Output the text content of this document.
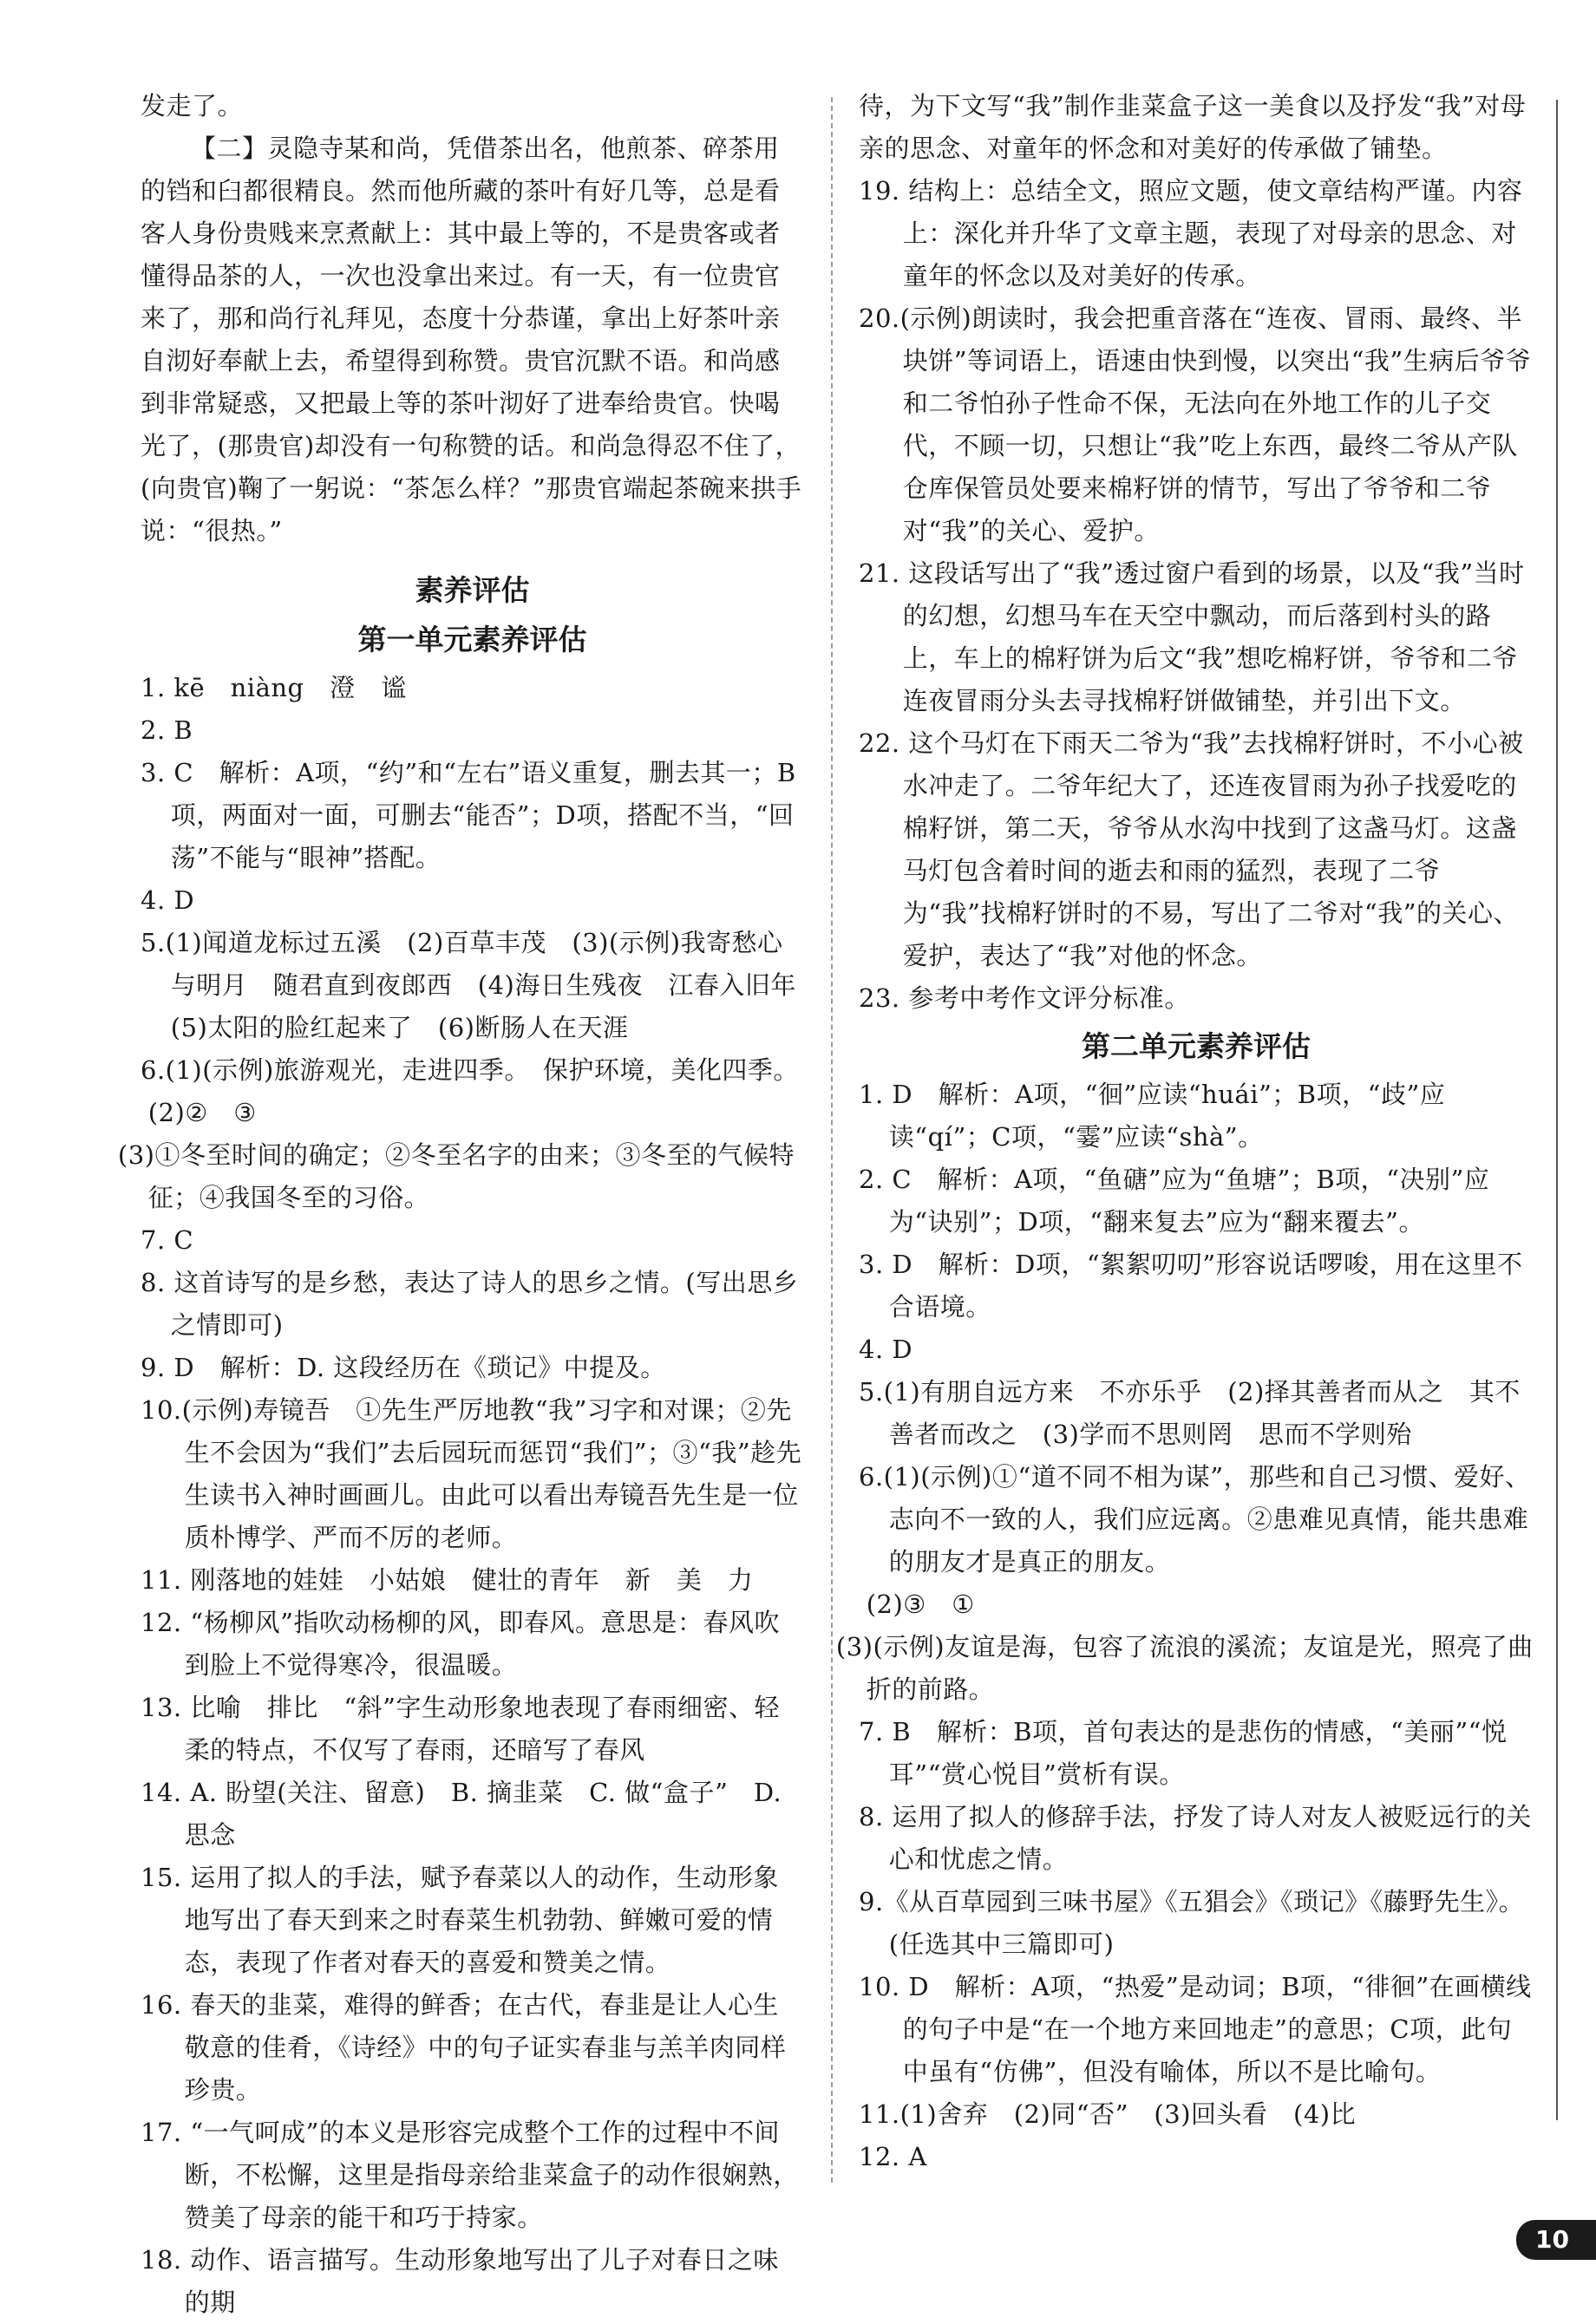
发走了。

【二】灵隐寺某和尚，凭借茶出名，他煎茶、碎茶用的铛和臼都很精良。然而他所藏的茶叶有好几等，总是看客人身份贵贱来烹煮献上：其中最上等的，不是贵客或者懂得品茶的人，一次也没拿出来过。有一天，有一位贵官来了，那和尚行礼拜见，态度十分恭谨，拿出上好茶叶亲自沏好奉献上去，希望得到称赞。贵官沉默不语。和尚感到非常疑惑，又把最上等的茶叶沏好了进奉给贵官。快喝光了，(那贵官)却没有一句称赞的话。和尚急得忍不住了，(向贵官)鞠了一躬说：“茶怎么样？”那贵官端起茶碗来拱手说：“很热。”

素养评估
第一单元素养评估

1. kē　niàng　澄　谧

2. B

3. C　解析：A项，“约”和“左右”语义重复，删去其一；B项，两面对一面，可删去“能否”；D项，搭配不当，“回荡”不能与“眼神”搭配。

4. D

5.(1)闻道龙标过五溪　(2)百草丰茂　(3)(示例)我寄愁心与明月　随君直到夜郎西　(4)海日生残夜　江春入旧年　(5)太阳的脸红起来了　(6)断肠人在天涯

6.(1)(示例)旅游观光，走进四季。　保护环境，美化四季。

(2)②　③

(3)①冬至时间的确定；②冬至名字的由来；③冬至的气候特征；④我国冬至的习俗。

7. C

8. 这首诗写的是乡愁，表达了诗人的思乡之情。(写出思乡之情即可)

9. D　解析：D. 这段经历在《琐记》中提及。

10.(示例)寿镜吾　①先生严厉地教“我”习字和对课；②先生不会因为“我们”去后园玩而惩罚“我们”；③“我”趁先生读书入神时画画儿。由此可以看出寿镜吾先生是一位质朴博学、严而不厉的老师。

11. 刚落地的娃娃　小姑娘　健壮的青年　新　美　力

12. “杨柳风”指吹动杨柳的风，即春风。意思是：春风吹到脸上不觉得寒冷，很温暖。

13. 比喻　排比　“斜”字生动形象地表现了春雨细密、轻柔的特点，不仅写了春雨，还暗写了春风

14. A. 盼望(关注、留意)　B. 摘韭菜　C. 做“盒子”　D. 思念

15. 运用了拟人的手法，赋予春菜以人的动作，生动形象地写出了春天到来之时春菜生机勃勃、鲜嫩可爱的情态，表现了作者对春天的喜爱和赞美之情。

16. 春天的韭菜，难得的鲜香；在古代，春韭是让人心生敬意的佳肴，《诗经》中的句子证实春韭与羔羊肉同样珍贵。

17. “一气呵成”的本义是形容完成整个工作的过程中不间断，不松懈，这里是指母亲给韭菜盒子的动作很娴熟，赞美了母亲的能干和巧于持家。

18. 动作、语言描写。生动形象地写出了儿子对春日之味的期

待，为下文写“我”制作韭菜盒子这一美食以及抒发“我”对母亲的思念、对童年的怀念和对美好的传承做了铺垫。

19. 结构上：总结全文，照应文题，使文章结构严谨。内容上：深化并升华了文章主题，表现了对母亲的思念、对童年的怀念以及对美好的传承。

20.(示例)朗读时，我会把重音落在“连夜、冒雨、最终、半块饼”等词语上，语速由快到慢，以突出“我”生病后爷爷和二爷怕孙子性命不保，无法向在外地工作的儿子交代，不顾一切，只想让“我”吃上东西，最终二爷从产队仓库保管员处要来棉籽饼的情节，写出了爷爷和二爷对“我”的关心、爱护。

21. 这段话写出了“我”透过窗户看到的场景，以及“我”当时的幻想，幻想马车在天空中飘动，而后落到村头的路上，车上的棉籽饼为后文“我”想吃棉籽饼，爷爷和二爷连夜冒雨分头去寻找棉籽饼做铺垫，并引出下文。

22. 这个马灯在下雨天二爷为“我”去找棉籽饼时，不小心被水冲走了。二爷年纪大了，还连夜冒雨为孙子找爱吃的棉籽饼，第二天，爷爷从水沟中找到了这盏马灯。这盏马灯包含着时间的逝去和雨的猛烈，表现了二爷为“我”找棉籽饼时的不易，写出了二爷对“我”的关心、爱护，表达了“我”对他的怀念。

23. 参考中考作文评分标准。

第二单元素养评估

1. D　解析：A项，“徊”应读“huái”；B项，“歧”应读“qí”；C项，“霎”应读“shà”。

2. C　解析：A项，“鱼磄”应为“鱼塘”；B项，“决别”应为“诀别”；D项，“翻来复去”应为“翻来覆去”。

3. D　解析：D项，“絮絮叨叨”形容说话啰唆，用在这里不合语境。

4. D

5.(1)有朋自远方来　不亦乐乎　(2)择其善者而从之　其不善者而改之　(3)学而不思则罔　思而不学则殆

6.(1)(示例)①“道不同不相为谋”，那些和自己习惯、爱好、志向不一致的人，我们应远离。②患难见真情，能共患难的朋友才是真正的朋友。

(2)③　①

(3)(示例)友谊是海，包容了流浪的溪流；友谊是光，照亮了曲折的前路。

7. B　解析：B项，首句表达的是悲伤的情感，“美丽”“悦耳”“赏心悦目”赏析有误。

8. 运用了拟人的修辞手法，抒发了诗人对友人被贬远行的关心和忧虑之情。

9.《从百草园到三味书屋》《五猖会》《琐记》《藤野先生》。(任选其中三篇即可)

10. D　解析：A项，“热爱”是动词；B项，“徘徊”在画横线的句子中是“在一个地方来回地走”的意思；C项，此句中虽有“仿佛”，但没有喻体，所以不是比喻句。

11.(1)舍弃　(2)同“否”　(3)回头看　(4)比

12. A

10
